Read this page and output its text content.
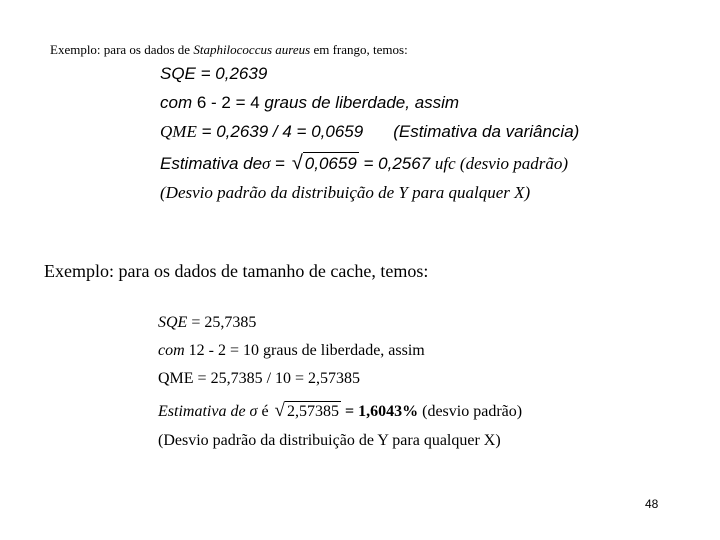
Exemplo: para os dados de Staphilococcus aureus em frango, temos:
SQE = 0,2639
com 6 - 2 = 4 graus de liberdade, assim
QME = 0,2639 / 4 = 0,0659 (Estimativa da variância)
Estimativa deσ = √ 0,0659 = 0,2567 ufc (desvio padrão)
(Desvio padrão da distribuição de Y para qualquer X)
Exemplo: para os dados de tamanho de cache, temos:
SQE = 25,7385
com 12 - 2 = 10 graus de liberdade, assim
QME = 25,7385 / 10 = 2,57385
Estimativa de σ é √ 2,57385 = 1,6043% (desvio padrão)
(Desvio padrão da distribuição de Y para qualquer X)
48
